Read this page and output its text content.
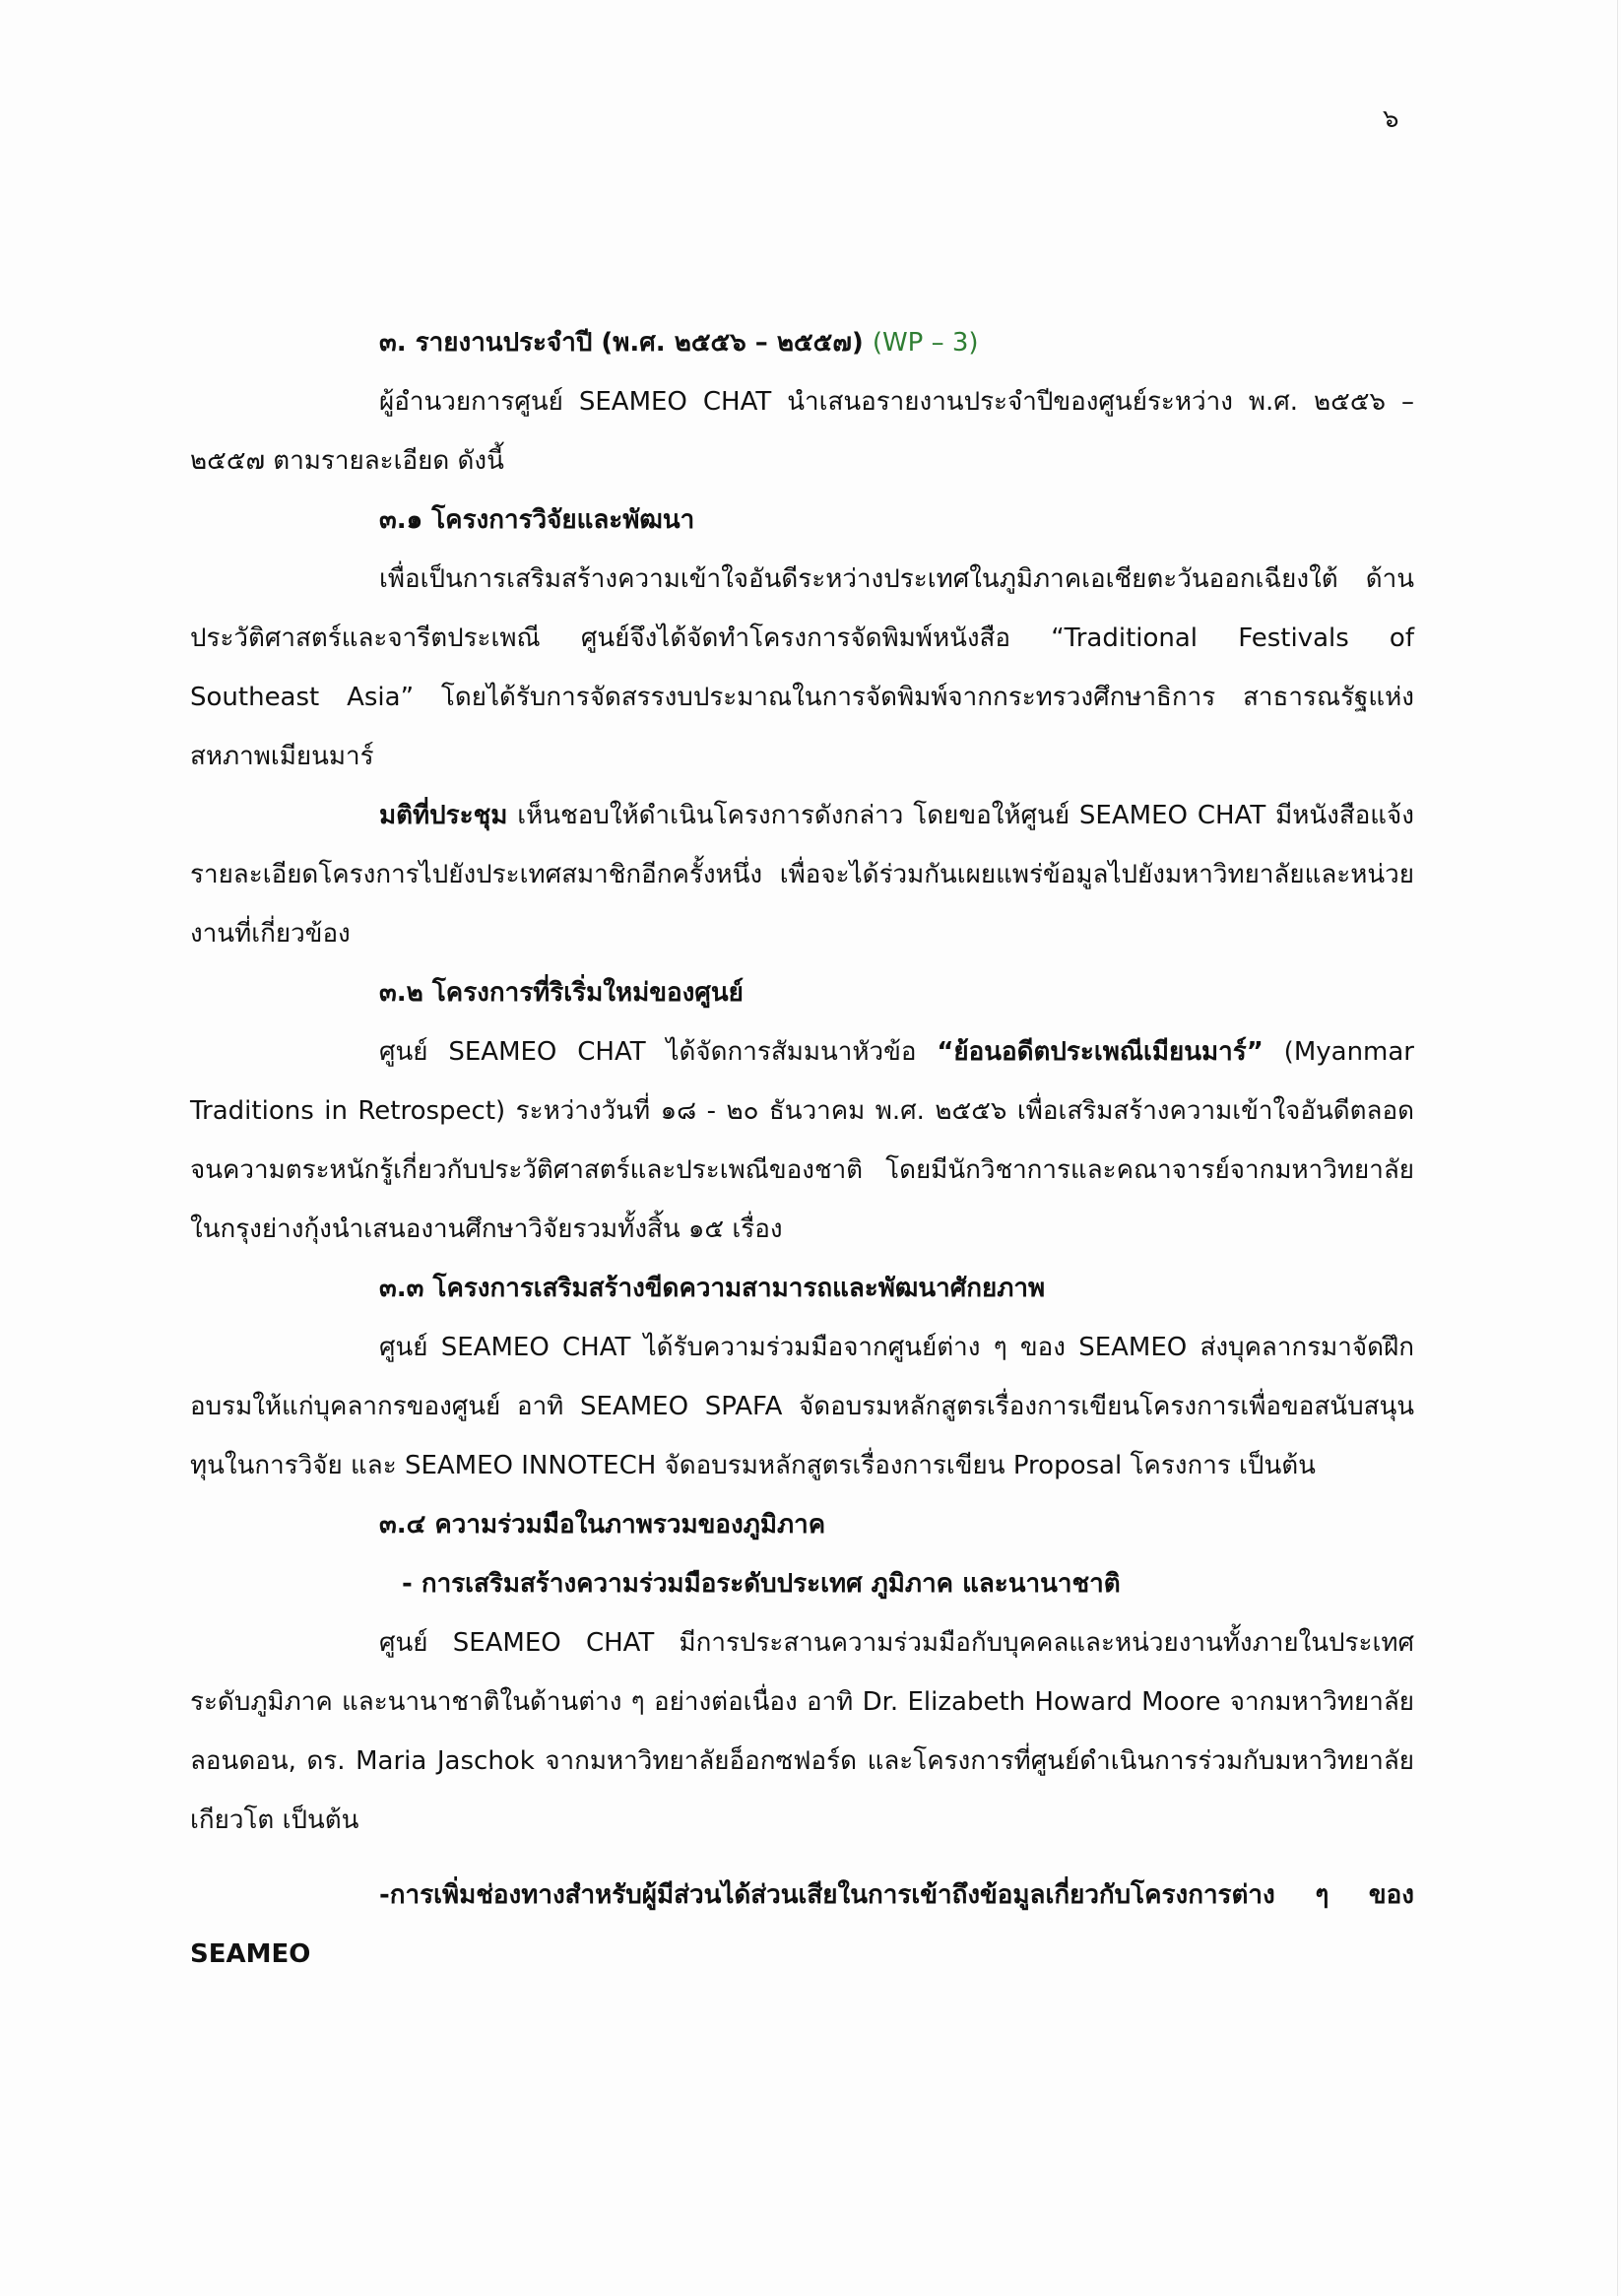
๖

๓. รายงานประจำปี (พ.ศ. ๒๕๕๖ – ๒๕๕๗) (WP – 3)

ผู้อำนวยการศูนย์ SEAMEO CHAT นำเสนอรายงานประจำปีของศูนย์ระหว่าง พ.ศ. ๒๕๕๖ – ๒๕๕๗ ตามรายละเอียด ดังนี้

๓.๑ โครงการวิจัยและพัฒนา

เพื่อเป็นการเสริมสร้างความเข้าใจอันดีระหว่างประเทศในภูมิภาคเอเชียตะวันออกเฉียงใต้ ด้านประวัติศาสตร์และจารีตประเพณี ศูนย์จึงได้จัดทำโครงการจัดพิมพ์หนังสือ “Traditional Festivals of Southeast Asia” โดยได้รับการจัดสรรงบประมาณในการจัดพิมพ์จากกระทรวงศึกษาธิการ สาธารณรัฐแห่งสหภาพเมียนมาร์

มติที่ประชุม เห็นชอบให้ดำเนินโครงการดังกล่าว โดยขอให้ศูนย์ SEAMEO CHAT มีหนังสือแจ้งรายละเอียดโครงการไปยังประเทศสมาชิกอีกครั้งหนึ่ง เพื่อจะได้ร่วมกันเผยแพร่ข้อมูลไปยังมหาวิทยาลัยและหน่วยงานที่เกี่ยวข้อง

๓.๒ โครงการที่ริเริ่มใหม่ของศูนย์

ศูนย์ SEAMEO CHAT ได้จัดการสัมมนาหัวข้อ “ย้อนอดีตประเพณีเมียนมาร์” (Myanmar Traditions in Retrospect) ระหว่างวันที่ ๑๘ - ๒๐ ธันวาคม พ.ศ. ๒๕๕๖ เพื่อเสริมสร้างความเข้าใจอันดีตลอดจนความตระหนักรู้เกี่ยวกับประวัติศาสตร์และประเพณีของชาติ โดยมีนักวิชาการและคณาจารย์จากมหาวิทยาลัยในกรุงย่างกุ้งนำเสนองานศึกษาวิจัยรวมทั้งสิ้น ๑๕ เรื่อง

๓.๓ โครงการเสริมสร้างขีดความสามารถและพัฒนาศักยภาพ

ศูนย์ SEAMEO CHAT ได้รับความร่วมมือจากศูนย์ต่าง ๆ ของ SEAMEO ส่งบุคลากรมาจัดฝึกอบรมให้แก่บุคลากรของศูนย์ อาทิ SEAMEO SPAFA จัดอบรมหลักสูตรเรื่องการเขียนโครงการเพื่อขอสนับสนุนทุนในการวิจัย และ SEAMEO INNOTECH จัดอบรมหลักสูตรเรื่องการเขียน Proposal โครงการ เป็นต้น

๓.๔ ความร่วมมือในภาพรวมของภูมิภาค

- การเสริมสร้างความร่วมมือระดับประเทศ ภูมิภาค และนานาชาติ

ศูนย์ SEAMEO CHAT มีการประสานความร่วมมือกับบุคคลและหน่วยงานทั้งภายในประเทศ ระดับภูมิภาค และนานาชาติในด้านต่าง ๆ อย่างต่อเนื่อง อาทิ Dr. Elizabeth Howard Moore จากมหาวิทยาลัยลอนดอน, ดร. Maria Jaschok จากมหาวิทยาลัยอ็อกซฟอร์ด และโครงการที่ศูนย์ดำเนินการร่วมกับมหาวิทยาลัยเกียวโต เป็นต้น

-การเพิ่มช่องทางสำหรับผู้มีส่วนได้ส่วนเสียในการเข้าถึงข้อมูลเกี่ยวกับโครงการต่าง ๆ ของ SEAMEO
